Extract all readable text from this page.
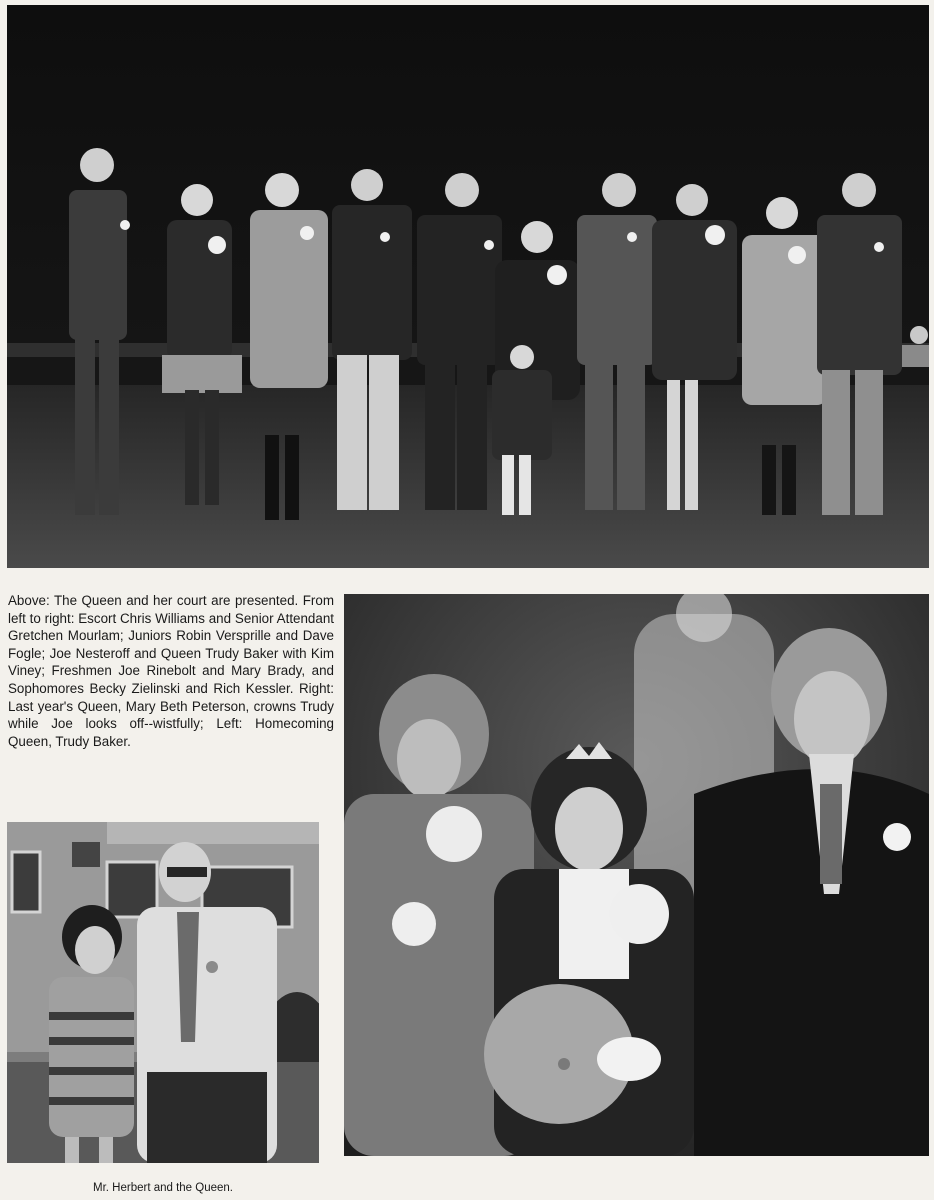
Above: The Queen and her court are presented. From left to right: Escort Chris Williams and Senior Attendant Gretchen Mourlam; Juniors Robin Versprille and Dave Fogle; Joe Nesteroff and Queen Trudy Baker with Kim Viney; Freshmen Joe Rinebolt and Mary Brady, and Sophomores Becky Zielinski and Rich Kessler. Right: Last year's Queen, Mary Beth Peterson, crowns Trudy while Joe looks off--wistfully; Left: Homecoming Queen, Trudy Baker.

Mr. Herbert and the Queen.
